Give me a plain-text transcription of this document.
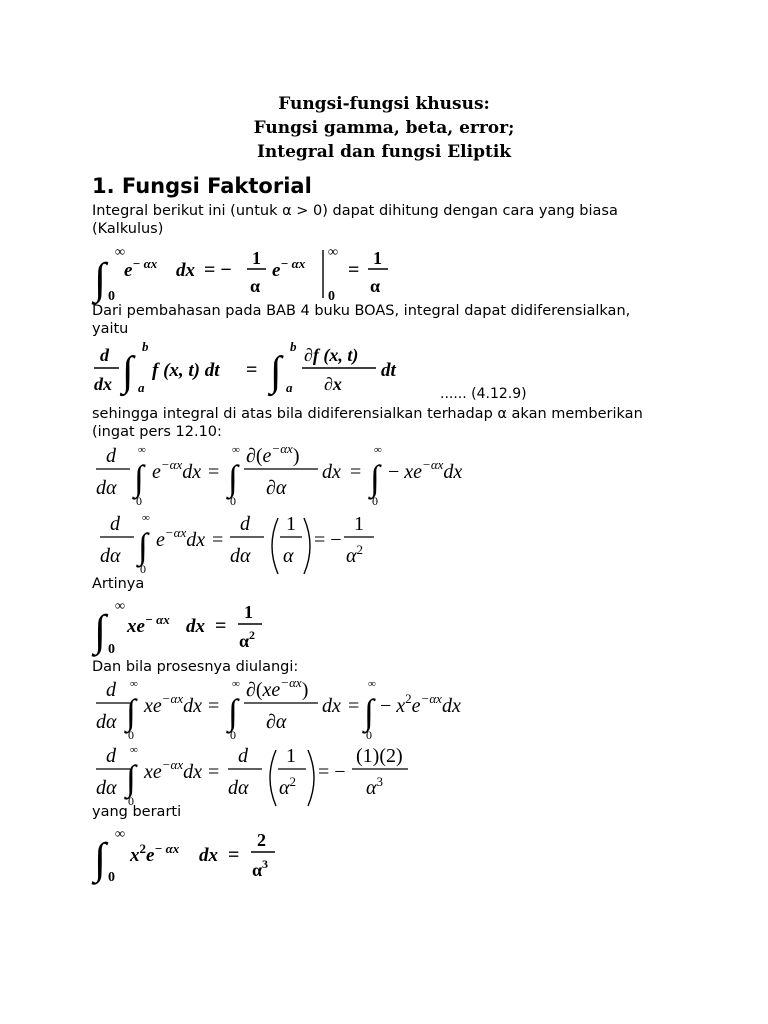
Fungsi-fungsi khusus:
Fungsi gamma, beta, error;
Integral dan fungsi Eliptik
1. Fungsi Faktorial
Integral berikut ini (untuk α > 0) dapat dihitung dengan cara yang biasa
(Kalkulus)
Dari pembahasan pada BAB 4 buku BOAS, integral dapat didiferensialkan,
yaitu
...... (4.12.9)
sehingga integral di atas bila didiferensialkan terhadap α akan memberikan
(ingat pers 12.10:
Artinya
Dan bila prosesnya diulangi:
yang berarti
∫
∞
0
$e^{- \alpha x}$ dx = −
1
α
$e^{- \alpha x}$
∞
0
=
1
α
d
dx ∫
b
a
f (x, t) dt = ∫
b
a
∂f (x, t)
∂x
dt
d
dα ∫
∞
0
$e^{-\alpha x}dx$ = ∫
∞
0
$\partial(e^{-\alpha x})$
∂α
dx = ∫
∞
0
− $xe^{-\alpha x}dx$
d
dα ∫
∞
0
$e^{-\alpha x}dx$ =
d
dα
1
α
= −
1
$\alpha^2$
∫ ∞
0
$xe^{- \alpha x}$ dx =
1
$\alpha^2$
d
dα ∫
∞
0
$xe^{-\alpha x}dx$ = ∫
∞
0
$\partial(xe^{-\alpha x})$
∂α
dx = ∫
∞
0
− $x^2e^{-\alpha x}dx$
d
dα ∫
∞
0
$xe^{-\alpha x}dx$ =
d
dα
1
$\alpha^2$ = −
(1)(2)
$\alpha^3$
∫ ∞
0
$x^2e^{- \alpha x}$ dx =
2
$\alpha^3$
